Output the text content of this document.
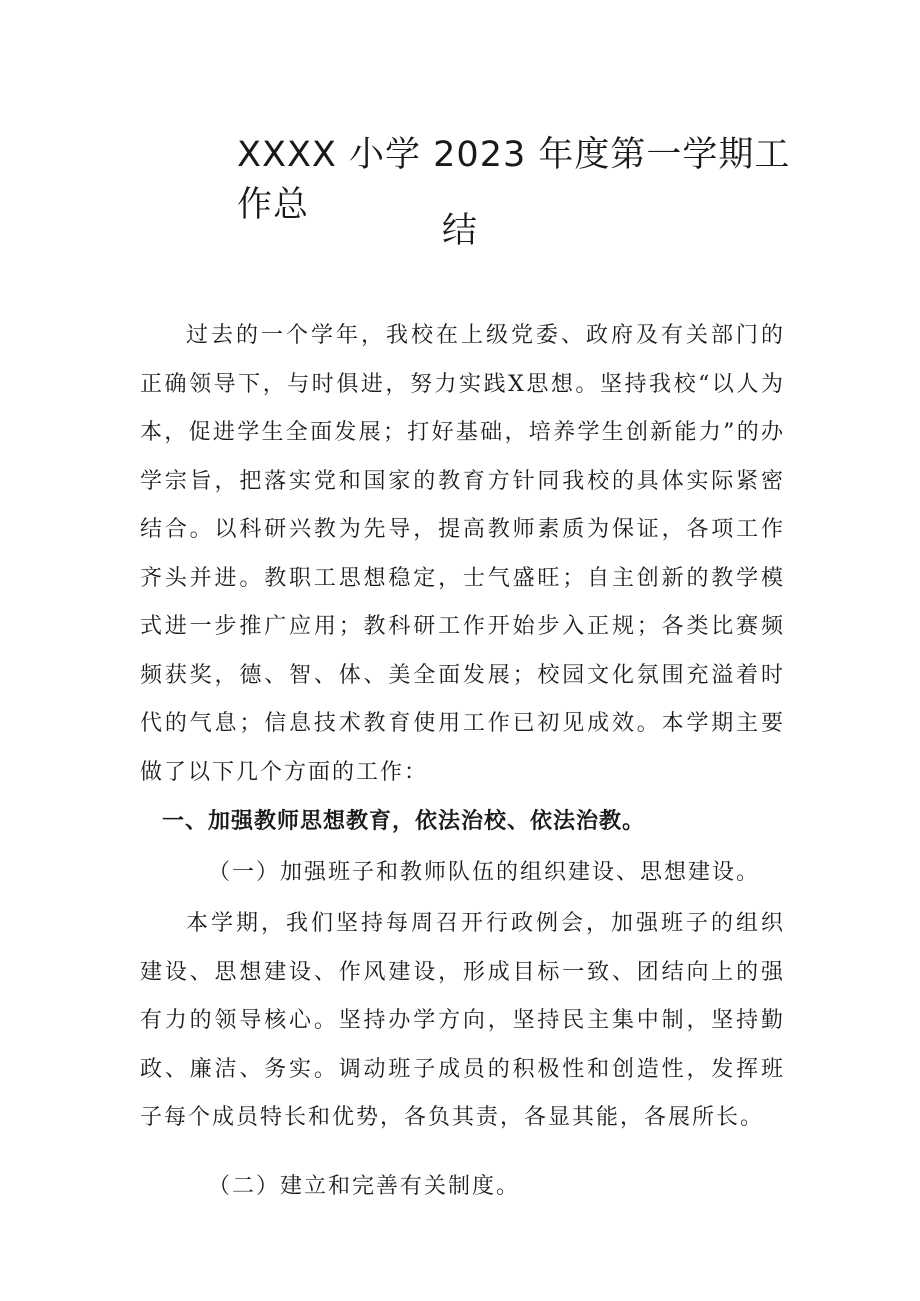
XXXX 小学 2023 年度第一学期工作总
结

过去的一个学年，我校在上级党委、政府及有关部门的正确领导下，与时俱进，努力实践X思想。坚持我校“以人为本，促进学生全面发展；打好基础，培养学生创新能力”的办学宗旨，把落实党和国家的教育方针同我校的具体实际紧密结合。以科研兴教为先导，提高教师素质为保证，各项工作齐头并进。教职工思想稳定，士气盛旺；自主创新的教学模式进一步推广应用；教科研工作开始步入正规；各类比赛频频获奖，德、智、体、美全面发展；校园文化氛围充溢着时代的气息；信息技术教育使用工作已初见成效。本学期主要做了以下几个方面的工作：

一、加强教师思想教育，依法治校、依法治教。

（一）加强班子和教师队伍的组织建设、思想建设。

本学期，我们坚持每周召开行政例会，加强班子的组织建设、思想建设、作风建设，形成目标一致、团结向上的强有力的领导核心。坚持办学方向，坚持民主集中制，坚持勤政、廉洁、务实。调动班子成员的积极性和创造性，发挥班子每个成员特长和优势，各负其责，各显其能，各展所长。

（二）建立和完善有关制度。
